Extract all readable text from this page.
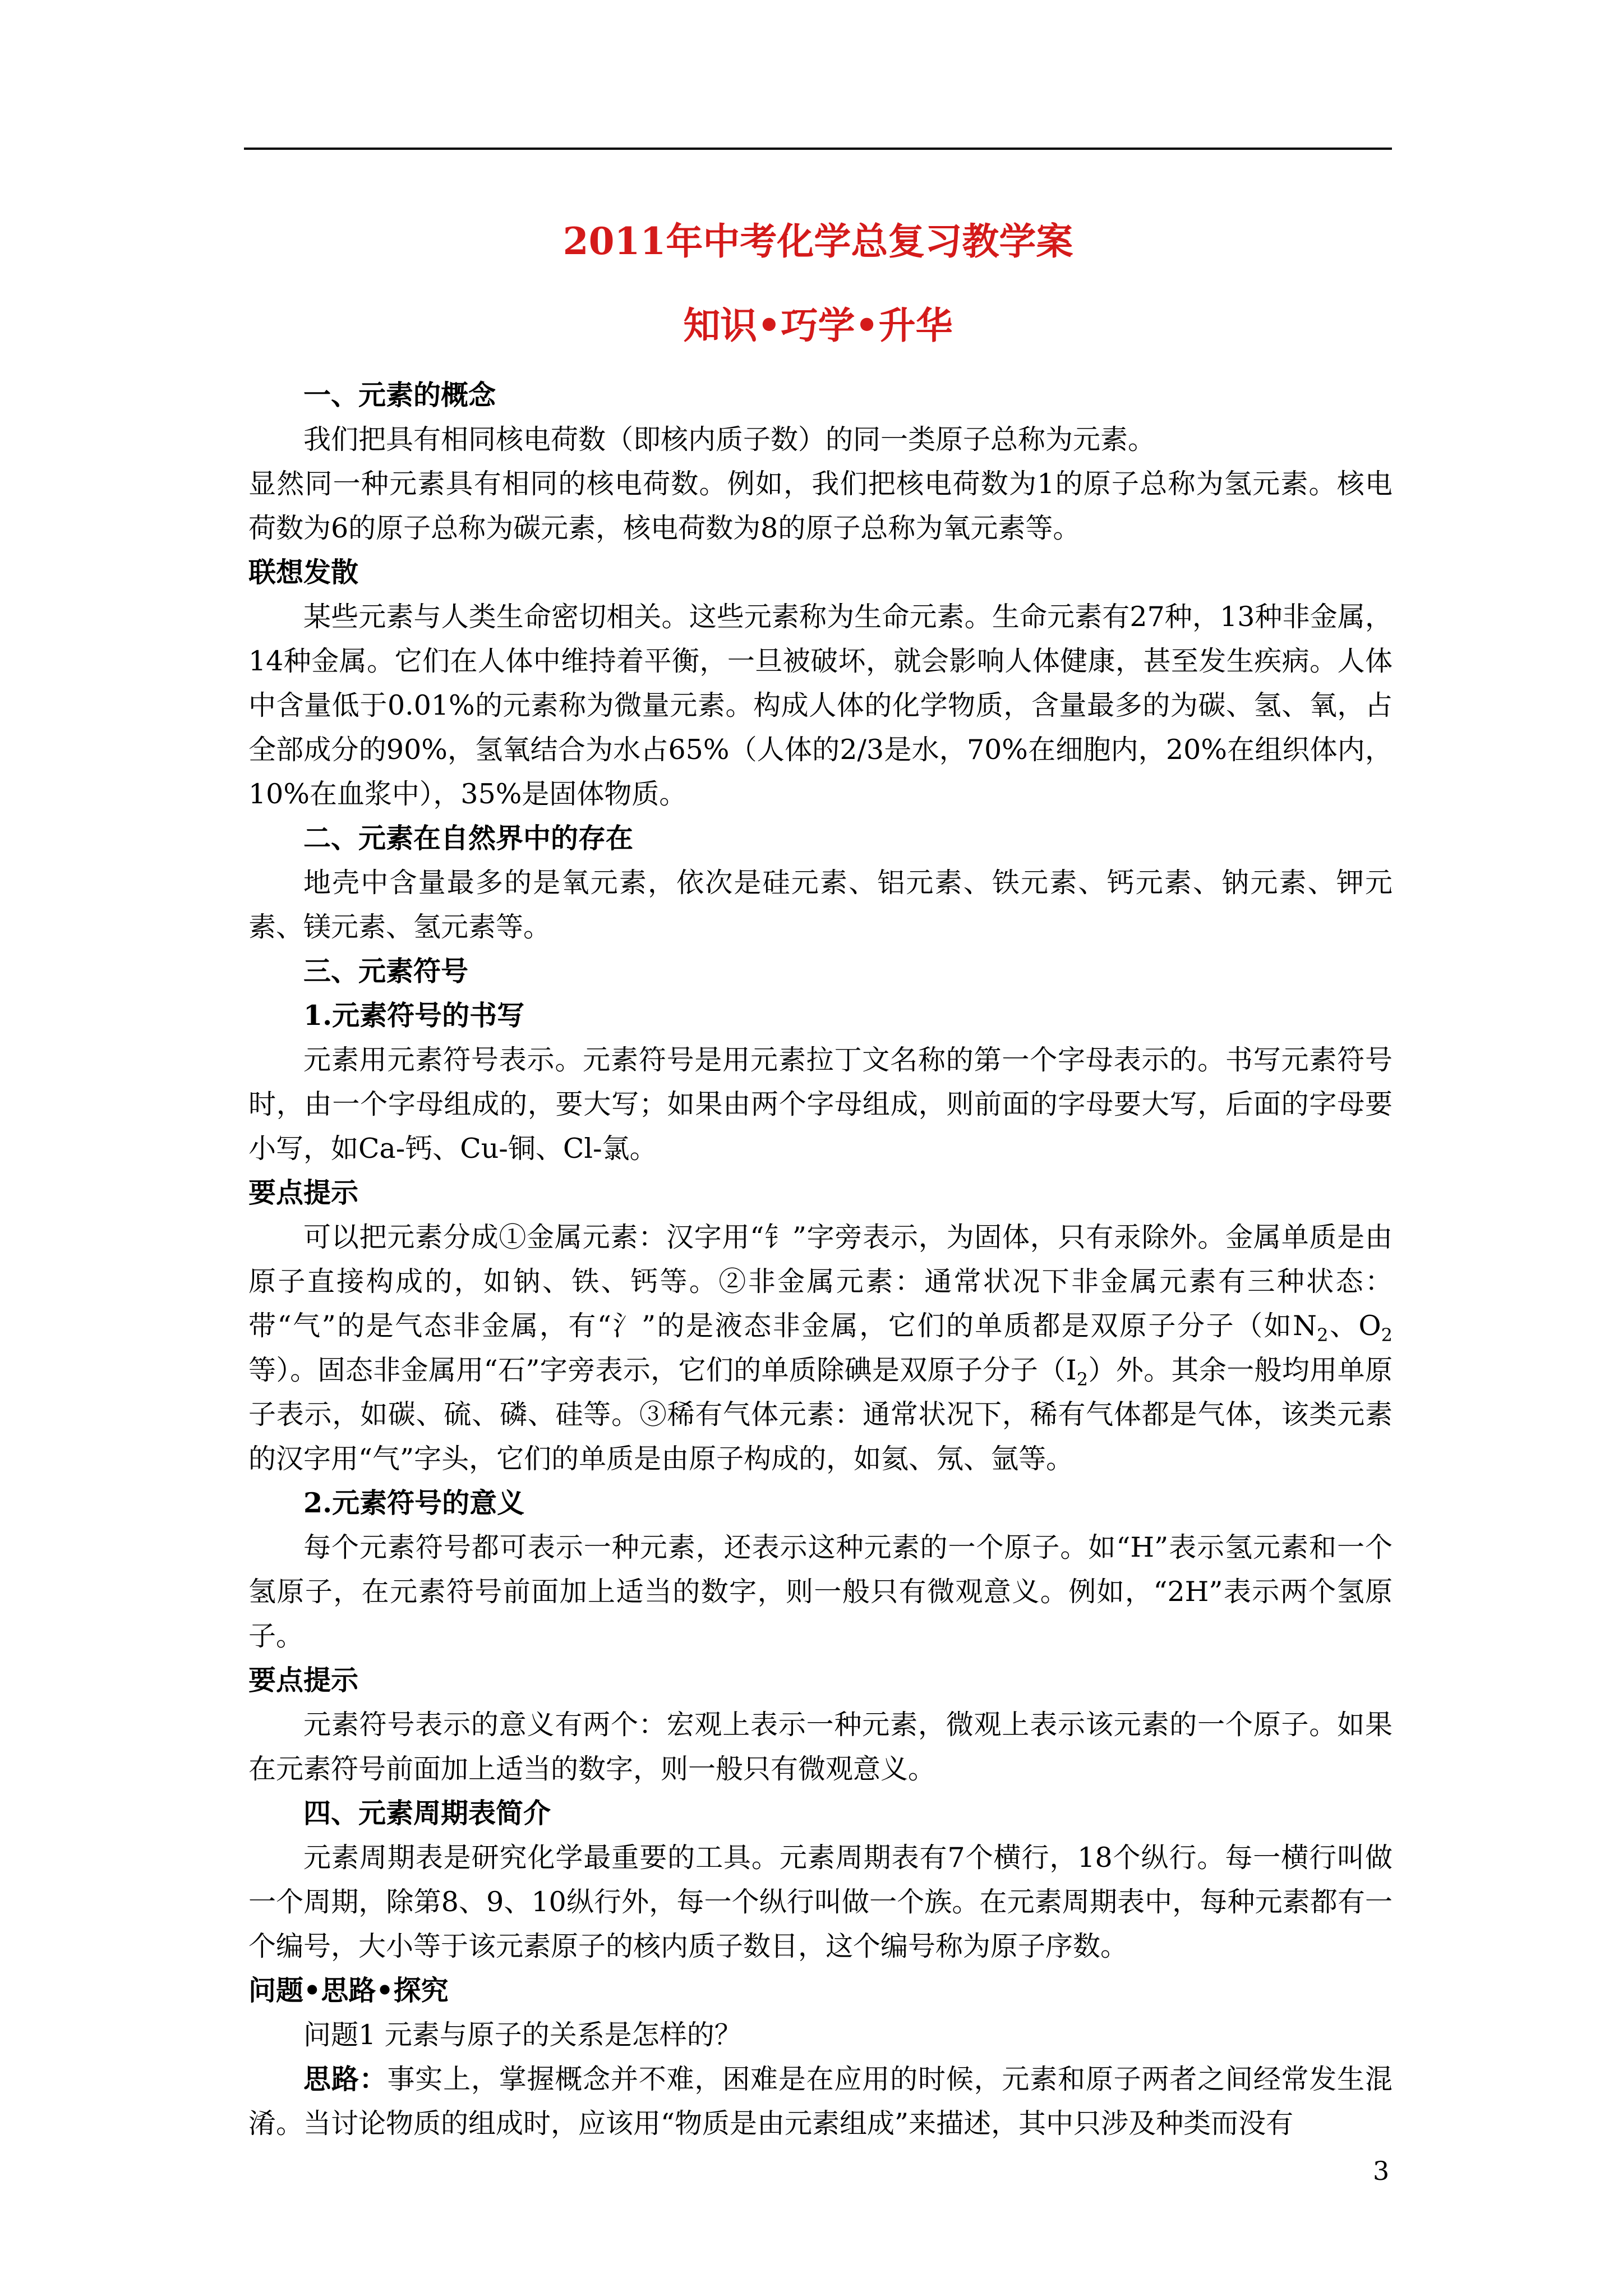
2011年中考化学总复习教学案
知识•巧学•升华

一、元素的概念

我们把具有相同核电荷数（即核内质子数）的同一类原子总称为元素。

显然同一种元素具有相同的核电荷数。例如，我们把核电荷数为1的原子总称为氢元素。核电荷数为6的原子总称为碳元素，核电荷数为8的原子总称为氧元素等。

联想发散

某些元素与人类生命密切相关。这些元素称为生命元素。生命元素有27种，13种非金属，14种金属。它们在人体中维持着平衡，一旦被破坏，就会影响人体健康，甚至发生疾病。人体中含量低于0.01%的元素称为微量元素。构成人体的化学物质，含量最多的为碳、氢、氧，占全部成分的90%，氢氧结合为水占65%（人体的2/3是水，70%在细胞内，20%在组织体内，10%在血浆中），35%是固体物质。

二、元素在自然界中的存在

地壳中含量最多的是氧元素，依次是硅元素、铝元素、铁元素、钙元素、钠元素、钾元素、镁元素、氢元素等。

三、元素符号

1.元素符号的书写

元素用元素符号表示。元素符号是用元素拉丁文名称的第一个字母表示的。书写元素符号时，由一个字母组成的，要大写；如果由两个字母组成，则前面的字母要大写，后面的字母要小写，如Ca-钙、Cu-铜、Cl-氯。

要点提示

可以把元素分成①金属元素：汉字用“钅”字旁表示，为固体，只有汞除外。金属单质是由原子直接构成的，如钠、铁、钙等。②非金属元素：通常状况下非金属元素有三种状态：带“气”的是气态非金属，有“氵”的是液态非金属，它们的单质都是双原子分子（如$N_2$、$O_2$等）。固态非金属用“石”字旁表示，它们的单质除碘是双原子分子$(I_2)$外。其余一般均用单原子表示，如碳、硫、磷、硅等。③稀有气体元素：通常状况下，稀有气体都是气体，该类元素的汉字用“气”字头，它们的单质是由原子构成的，如氦、氖、氩等。

2.元素符号的意义

每个元素符号都可表示一种元素，还表示这种元素的一个原子。如“H”表示氢元素和一个氢原子，在元素符号前面加上适当的数字，则一般只有微观意义。例如，“2H”表示两个氢原子。

要点提示

元素符号表示的意义有两个：宏观上表示一种元素，微观上表示该元素的一个原子。如果在元素符号前面加上适当的数字，则一般只有微观意义。

四、元素周期表简介

元素周期表是研究化学最重要的工具。元素周期表有7个横行，18个纵行。每一横行叫做一个周期，除第8、9、10纵行外，每一个纵行叫做一个族。在元素周期表中，每种元素都有一个编号，大小等于该元素原子的核内质子数目，这个编号称为原子序数。

问题•思路•探究

问题1 元素与原子的关系是怎样的？

思路：事实上，掌握概念并不难，困难是在应用的时候，元素和原子两者之间经常发生混淆。当讨论物质的组成时，应该用“物质是由元素组成”来描述，其中只涉及种类而没有

3
